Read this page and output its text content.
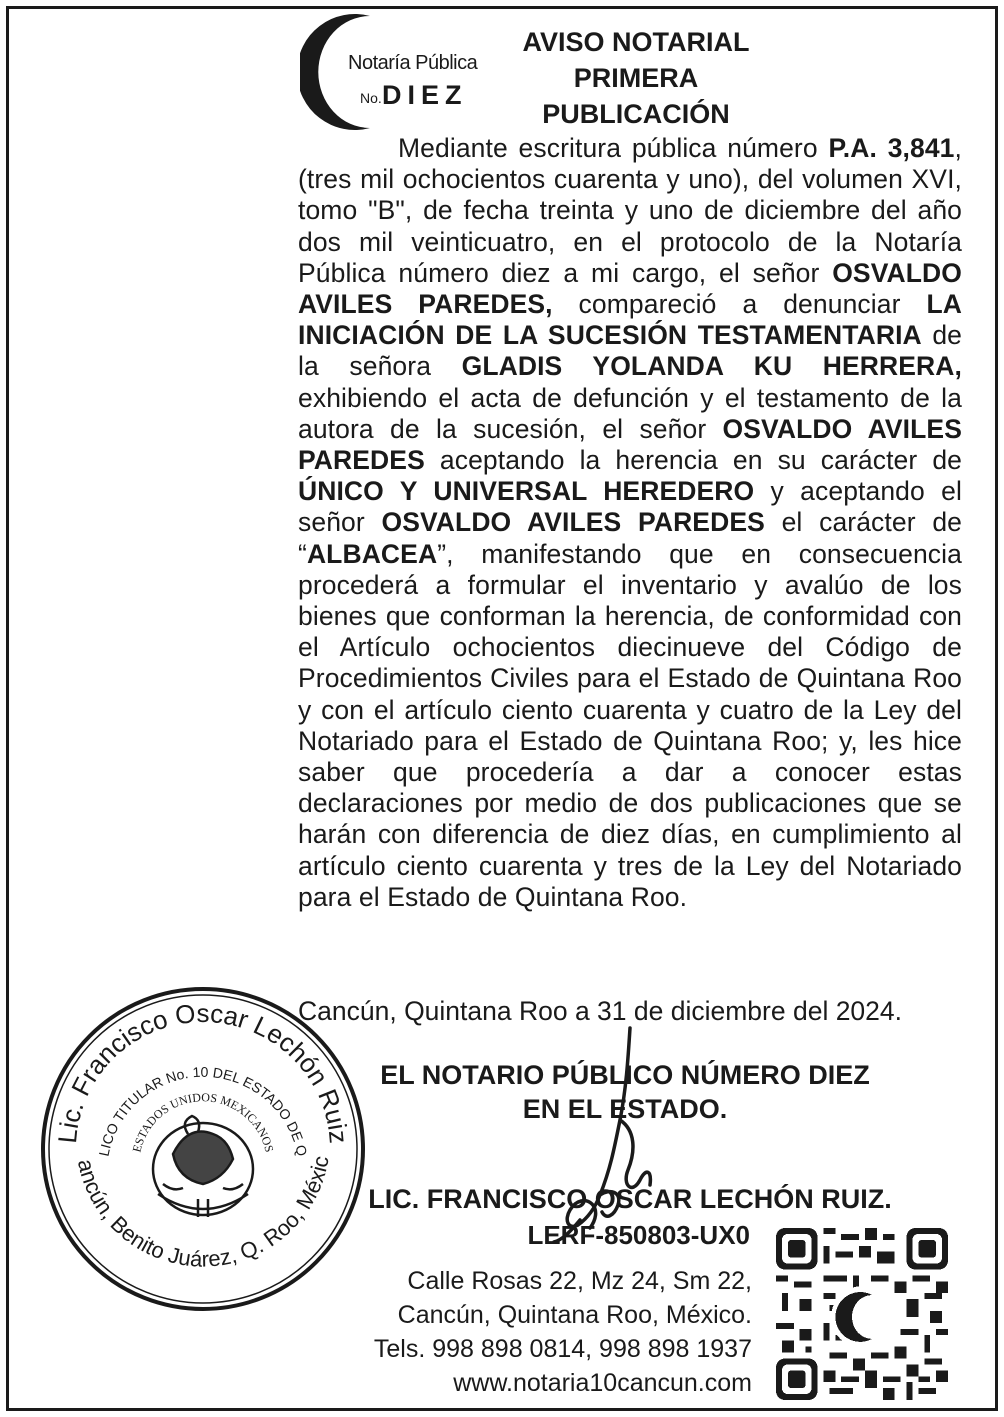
Notaría Pública
No. DIEZ
AVISO NOTARIAL
PRIMERA
PUBLICACIÓN

Mediante escritura pública número P.A. 3,841, (tres mil ochocientos cuarenta y uno), del volumen XVI, tomo "B", de fecha treinta y uno de diciembre del año dos mil veinticuatro, en el protocolo de la Notaría Pública número diez a mi cargo, el señor OSVALDO AVILES PAREDES, compareció a denunciar LA INICIACIÓN DE LA SUCESIÓN TESTAMENTARIA de la señora GLADIS YOLANDA KU HERRERA, exhibiendo el acta de defunción y el testamento de la autora de la sucesión, el señor OSVALDO AVILES PAREDES aceptando la herencia en su carácter de ÚNICO Y UNIVERSAL HEREDERO y aceptando el señor OSVALDO AVILES PAREDES el carácter de “ALBACEA”, manifestando que en consecuencia procederá a formular el inventario y avalúo de los bienes que conforman la herencia, de conformidad con el Artículo ochocientos diecinueve del Código de Procedimientos Civiles para el Estado de Quintana Roo y con el artículo ciento cuarenta y cuatro de la Ley del Notariado para el Estado de Quintana Roo; y, les hice saber que procedería a dar a conocer estas declaraciones por medio de dos publicaciones que se harán con diferencia de diez días, en cumplimiento al artículo ciento cuarenta y tres de la Ley del Notariado para el Estado de Quintana Roo.

Cancún, Quintana Roo a 31 de diciembre del 2024.
Lic. Francisco Oscar Lechón Ruiz
LICO TITULAR No. 10 DEL ESTADO DE Q
ESTADOS UNIDOS MEXICANOS
ancún, Benito Juárez, Q. Roo, Méxic
EL NOTARIO PÚBLICO NÚMERO DIEZ
EN EL ESTADO.
LIC. FRANCISCO OSCAR LECHÓN RUIZ.
LERF-850803-UX0
Calle Rosas 22, Mz 24, Sm 22,
Cancún, Quintana Roo, México.
Tels. 998 898 0814, 998 898 1937
www.notaria10cancun.com
